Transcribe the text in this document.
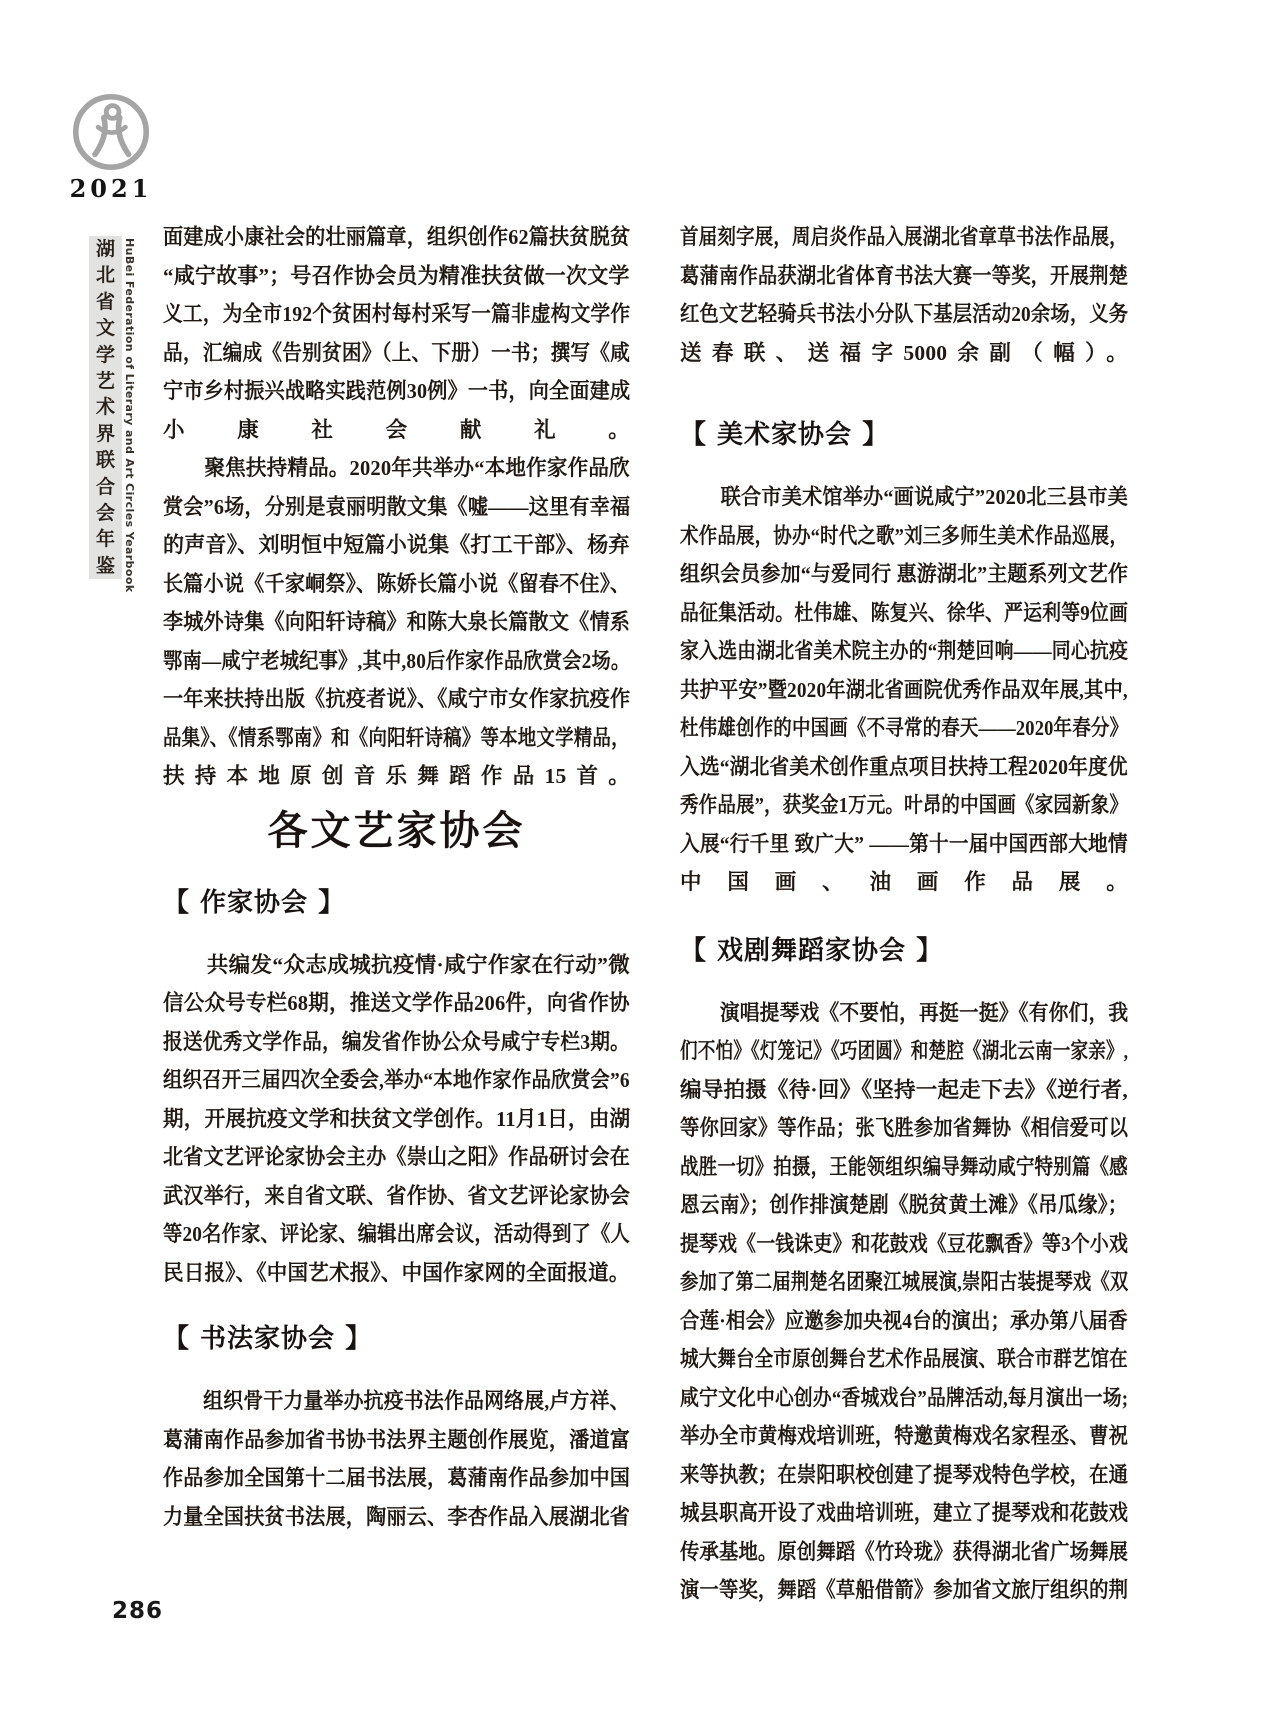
2021
湖
北
省
文
学
艺
术
界
联
合
会
年
鉴 HuBei Federation of Literary and Art Circles Yearbook
面建成小康社会的壮丽篇章，组织创作62篇扶贫脱贫
“咸宁故事”；号召作协会员为精准扶贫做一次文学
义工，为全市192个贫困村每村采写一篇非虚构文学作
品，汇编成《告别贫困》（上、下册）一书；撰写《咸
宁市乡村振兴战略实践范例30例》一书，向全面建成
小康社会献礼。
　　聚焦扶持精品。2020年共举办“本地作家作品欣
赏会”6场，分别是袁丽明散文集《嘘——这里有幸福
的声音》、刘明恒中短篇小说集《打工干部》、杨弃
长篇小说《千家峒祭》、陈娇长篇小说《留春不住》、
李城外诗集《向阳轩诗稿》和陈大泉长篇散文《情系
鄂南—咸宁老城纪事》,其中,80后作家作品欣赏会2场。
一年来扶持出版《抗疫者说》、《咸宁市女作家抗疫作
品集》、《情系鄂南》和《向阳轩诗稿》等本地文学精品，
扶持本地原创音乐舞蹈作品15首。
各文艺家协会
【 作家协会 】
　　共编发“众志成城抗疫情·咸宁作家在行动”微
信公众号专栏68期，推送文学作品206件，向省作协
报送优秀文学作品，编发省作协公众号咸宁专栏3期。
组织召开三届四次全委会,举办“本地作家作品欣赏会”6
期，开展抗疫文学和扶贫文学创作。11月1日，由湖
北省文艺评论家协会主办《崇山之阳》作品研讨会在
武汉举行，来自省文联、省作协、省文艺评论家协会
等20名作家、评论家、编辑出席会议，活动得到了《人
民日报》、《中国艺术报》、中国作家网的全面报道。
【 书法家协会 】
　　组织骨干力量举办抗疫书法作品网络展,卢方祥、
葛蒲南作品参加省书协书法界主题创作展览，潘道富
作品参加全国第十二届书法展，葛蒲南作品参加中国
力量全国扶贫书法展，陶丽云、李杏作品入展湖北省
首届刻字展，周启炎作品入展湖北省章草书法作品展，
葛蒲南作品获湖北省体育书法大赛一等奖，开展荆楚
红色文艺轻骑兵书法小分队下基层活动20余场，义务
送春联、送福字5000余副（幅）。
【 美术家协会 】
　　联合市美术馆举办“画说咸宁”2020北三县市美
术作品展，协办“时代之歌”刘三多师生美术作品巡展，
组织会员参加“与爱同行 惠游湖北”主题系列文艺作
品征集活动。杜伟雄、陈复兴、徐华、严运利等9位画
家入选由湖北省美术院主办的“荆楚回响——同心抗疫
共护平安”暨2020年湖北省画院优秀作品双年展,其中,
杜伟雄创作的中国画《不寻常的春天——2020年春分》
入选“湖北省美术创作重点项目扶持工程2020年度优
秀作品展”，获奖金1万元。叶昂的中国画《家园新象》
入展“行千里 致广大” ——第十一届中国西部大地情
中国画、油画作品展。
【 戏剧舞蹈家协会 】
　　演唱提琴戏《不要怕，再挺一挺》《有你们，我
们不怕》《灯笼记》《巧团圆》和楚腔《湖北云南一家亲》,
编导拍摄《待·回》《坚持一起走下去》《逆行者,
等你回家》等作品；张飞胜参加省舞协《相信爱可以
战胜一切》拍摄，王能领组织编导舞动咸宁特别篇《感
恩云南》；创作排演楚剧《脱贫黄土滩》《吊瓜缘》；
提琴戏《一钱诛吏》和花鼓戏《豆花飘香》等3个小戏
参加了第二届荆楚名团聚江城展演,崇阳古装提琴戏《双
合莲·相会》应邀参加央视4台的演出；承办第八届香
城大舞台全市原创舞台艺术作品展演、联合市群艺馆在
咸宁文化中心创办“香城戏台”品牌活动,每月演出一场;
举办全市黄梅戏培训班，特邀黄梅戏名家程丞、曹祝
来等执教；在崇阳职校创建了提琴戏特色学校，在通
城县职高开设了戏曲培训班，建立了提琴戏和花鼓戏
传承基地。原创舞蹈《竹玲珑》获得湖北省广场舞展
演一等奖，舞蹈《草船借箭》参加省文旅厅组织的荆
286
